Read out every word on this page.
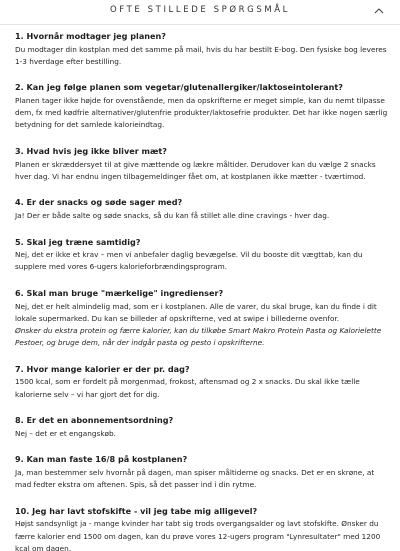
OFTE STILLEDE SPØRGSMÅL

1. Hvornår modtager jeg planen?

Du modtager din kostplan med det samme på mail, hvis du har bestilt E-bog. Den fysiske bog leveres 1-3 hverdage efter bestilling.

2. Kan jeg følge planen som vegetar/glutenallergiker/laktoseintolerant?

Planen tager ikke højde for ovenstående, men da opskrifterne er meget simple, kan du nemt tilpasse dem, fx med kødfrie alternativer/glutenfrie produkter/laktosefrie produkter. Det har ikke nogen særlig betydning for det samlede kalorieindtag.

3. Hvad hvis jeg ikke bliver mæt?

Planen er skræddersyet til at give mættende og lækre måltider. Derudover kan du vælge 2 snacks hver dag. Vi har endnu ingen tilbagemeldinger fået om, at kostplanen ikke mætter - tværtimod.

4. Er der snacks og søde sager med?

Ja! Der er både salte og søde snacks, så du kan få stillet alle dine cravings - hver dag.

5. Skal jeg træne samtidig?

Nej, det er ikke et krav – men vi anbefaler daglig bevægelse. Vil du booste dit vægttab, kan du supplere med vores 6-ugers kalorieforbrændingsprogram.

6. Skal man bruge "mærkelige" ingredienser?

Nej, det er helt almindelig mad, som er i kostplanen. Alle de varer, du skal bruge, kan du finde i dit lokale supermarked. Du kan se billeder af opskrifterne, ved at swipe i billederne ovenfor.

Ønsker du ekstra protein og færre kalorier, kan du tilkøbe Smart Makro Protein Pasta og Kalorielette Pestoer, og bruge dem, når der indgår pasta og pesto i opskrifterne.

7. Hvor mange kalorier er der pr. dag?

1500 kcal, som er fordelt på morgenmad, frokost, aftensmad og 2 x snacks. Du skal ikke tælle kalorierne selv – vi har gjort det for dig.

8. Er det en abonnementsordning?

Nej – det er et engangskøb.

9. Kan man faste 16/8 på kostplanen?

Ja, man bestemmer selv hvornår på dagen, man spiser måltiderne og snacks. Det er en skrøne, at mad fedter ekstra om aftenen. Spis, så det passer ind i din rytme.

10. Jeg har lavt stofskifte - vil jeg tabe mig alligevel?

Højst sandsynligt ja - mange kvinder har tabt sig trods overgangsalder og lavt stofskifte. Ønsker du færre kalorier end 1500 om dagen, kan du prøve vores 12-ugers program "Lynresultater" med 1200 kcal om dagen.
